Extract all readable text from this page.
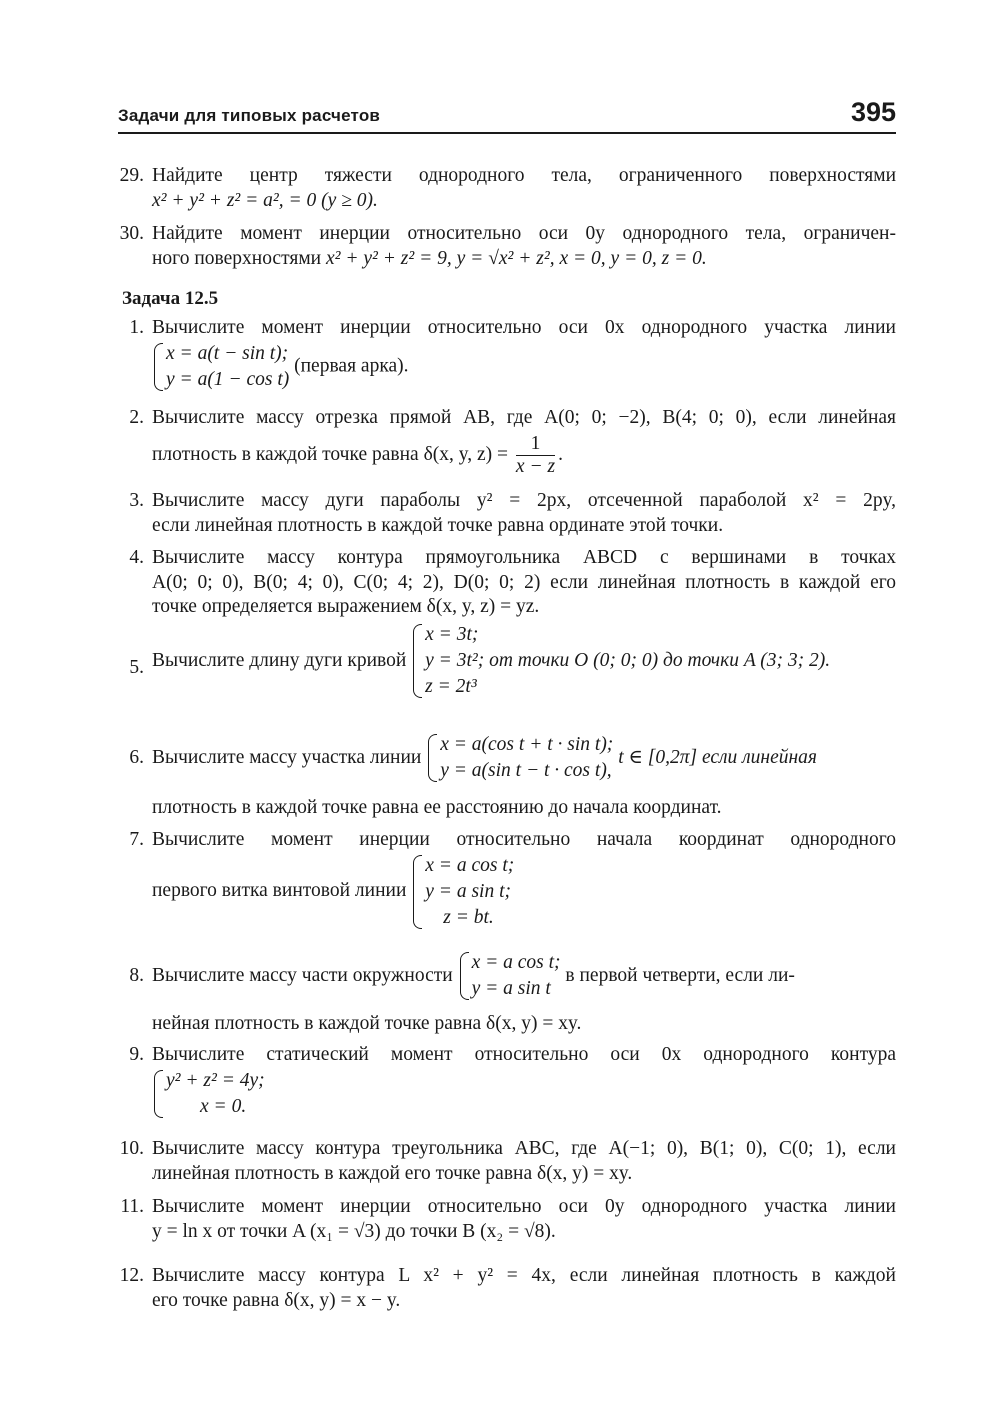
Задачи для типовых расчетов	395
29. Найдите центр тяжести однородного тела, ограниченного поверхностями
x² + y² + z² = a², = 0 (y ≥ 0).
30. Найдите момент инерции относительно оси 0y однородного тела, ограничен-
ного поверхностями x² + y² + z² = 9, y = √x² + z², x = 0, y = 0, z = 0.
Задача 12.5
1. Вычислите момент инерции относительно оси 0x однородного участка линии
x = a(t − sin t);
y = a(1 − cos t)
(первая арка).
2. Вычислите массу отрезка прямой AB, где A(0; 0; −2), B(4; 0; 0), если линейная
плотность в каждой точке равна δ(x, y, $z) = \frac{1}{x - z}$ .
3. Вычислите массу дуги параболы y² = 2px, отсеченной параболой x² = 2py,
если линейная плотность в каждой точке равна ординате этой точки.
4. Вычислите массу контура прямоугольника ABCD с вершинами в точках
A(0; 0; 0), B(0; 4; 0), C(0; 4; 2), D(0; 0; 2) если линейная плотность в каждой его
точке определяется выражением δ(x, y, z) = yz.
5. Вычислите длину дуги кривой
x = 3t;
y = 3t²; от точки O (0; 0; 0) до точки A (3; 3; 2).
z = 2t³
6. Вычислите массу участка линии
x = a(cos t + t · sin t);
y = a(sin t − t · cos t),
t ∈ [0,2π] если линейная
плотность в каждой точке равна ее расстоянию до начала координат.
7. Вычислите момент инерции относительно начала координат однородного
первого витка винтовой линии
x = a cos t;
y = a sin t;
z = bt.
8. Вычислите массу части окружности
x = a cos t;
y = a sin t
в первой четверти, если ли-
нейная плотность в каждой точке равна δ(x, y) = xy.
9. Вычислите статический момент относительно оси 0x однородного контура
y² + z² = 4y;
x = 0.
10. Вычислите массу контура треугольника ABC, где A(−1; 0), B(1; 0), C(0; 1), если
линейная плотность в каждой его точке равна δ(x, y) = xy.
11. Вычислите момент инерции относительно оси 0y однородного участка линии
y = ln x от точки A (x₁ = √3) до точки B (x₂ = √8).
12. Вычислите массу контура L x² + y² = 4x, если линейная плотность в каждой
его точке равна δ(x, y) = x − y.
